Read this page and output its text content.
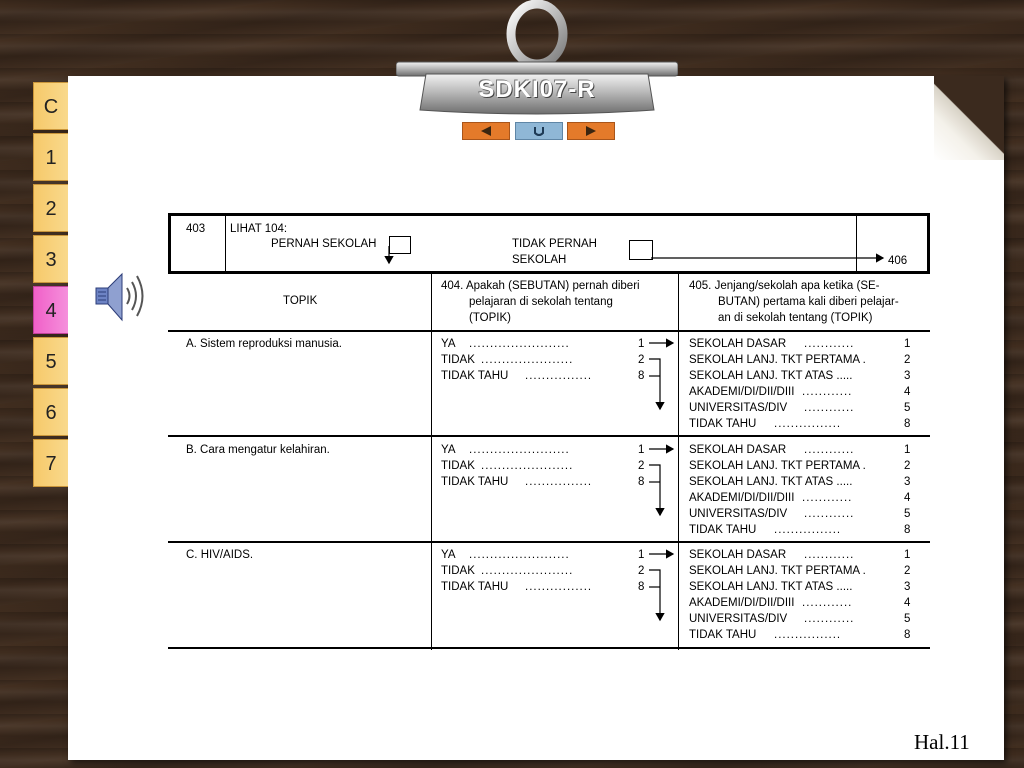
SDKI07-R
C
1
2
3
4
5
6
7
403 LIHAT 104:
PERNAH SEKOLAH	TIDAK PERNAH
SEKOLAH	406
TOPIK
404. Apakah (SEBUTAN) pernah diberi
pelajaran di sekolah tentang
(TOPIK)
405. Jenjang/sekolah apa ketika (SE-
BUTAN) pertama kali diberi pelajar-
an di sekolah tentang (TOPIK)
A. Sistem reproduksi manusia.	YA ........................	1
TIDAK ......................	2
TIDAK TAHU ................	8
SEKOLAH DASAR ............	1
SEKOLAH LANJ. TKT PERTAMA .	2
SEKOLAH LANJ. TKT ATAS .....	3
AKADEMI/DI/DII/DIII ............	4
UNIVERSITAS/DIV ............	5
TIDAK TAHU ................	8
B. Cara mengatur kelahiran.	YA ........................	1
TIDAK ......................	2
TIDAK TAHU ................	8
SEKOLAH DASAR ............	1
SEKOLAH LANJ. TKT PERTAMA .	2
SEKOLAH LANJ. TKT ATAS .....	3
AKADEMI/DI/DII/DIII ............	4
UNIVERSITAS/DIV ............	5
TIDAK TAHU ................	8
C. HIV/AIDS.	YA ........................	1
TIDAK ......................	2
TIDAK TAHU ................	8
SEKOLAH DASAR ............	1
SEKOLAH LANJ. TKT PERTAMA .	2
SEKOLAH LANJ. TKT ATAS .....	3
AKADEMI/DI/DII/DIII ............	4
UNIVERSITAS/DIV ............	5
TIDAK TAHU ................	8
Hal.11
